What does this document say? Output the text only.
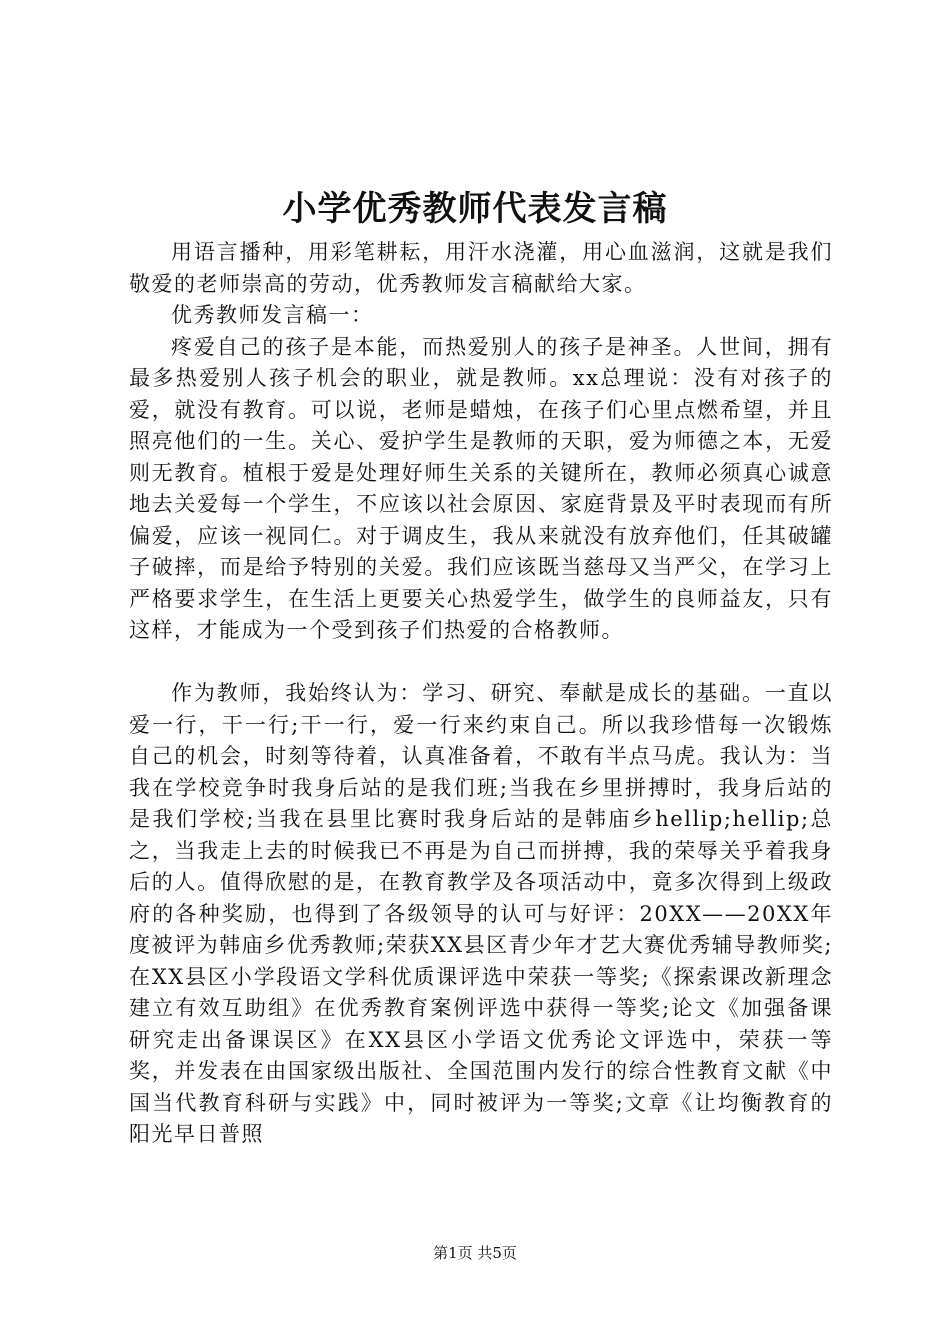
小学优秀教师代表发言稿

用语言播种，用彩笔耕耘，用汗水浇灌，用心血滋润，这就是我们敬爱的老师崇高的劳动，优秀教师发言稿献给大家。

优秀教师发言稿一：

疼爱自己的孩子是本能，而热爱别人的孩子是神圣。人世间，拥有最多热爱别人孩子机会的职业，就是教师。xx总理说：没有对孩子的爱，就没有教育。可以说，老师是蜡烛，在孩子们心里点燃希望，并且照亮他们的一生。关心、爱护学生是教师的天职，爱为师德之本，无爱则无教育。植根于爱是处理好师生关系的关键所在，教师必须真心诚意地去关爱每一个学生，不应该以社会原因、家庭背景及平时表现而有所偏爱，应该一视同仁。对于调皮生，我从来就没有放弃他们，任其破罐子破摔，而是给予特别的关爱。我们应该既当慈母又当严父，在学习上严格要求学生，在生活上更要关心热爱学生，做学生的良师益友，只有这样，才能成为一个受到孩子们热爱的合格教师。

作为教师，我始终认为：学习、研究、奉献是成长的基础。一直以爱一行，干一行;干一行，爱一行来约束自己。所以我珍惜每一次锻炼自己的机会，时刻等待着，认真准备着，不敢有半点马虎。我认为：当我在学校竞争时我身后站的是我们班;当我在乡里拼搏时，我身后站的是我们学校;当我在县里比赛时我身后站的是韩庙乡hellip;hellip;总之，当我走上去的时候我已不再是为自己而拼搏，我的荣辱关乎着我身后的人。值得欣慰的是，在教育教学及各项活动中，竟多次得到上级政府的各种奖励，也得到了各级领导的认可与好评：20XX——20XX年度被评为韩庙乡优秀教师;荣获XX县区青少年才艺大赛优秀辅导教师奖;在XX县区小学段语文学科优质课评选中荣获一等奖;《探索课改新理念建立有效互助组》在优秀教育案例评选中获得一等奖;论文《加强备课研究走出备课误区》在XX县区小学语文优秀论文评选中，荣获一等奖，并发表在由国家级出版社、全国范围内发行的综合性教育文献《中国当代教育科研与实践》中，同时被评为一等奖;文章《让均衡教育的阳光早日普照

第1页 共5页
